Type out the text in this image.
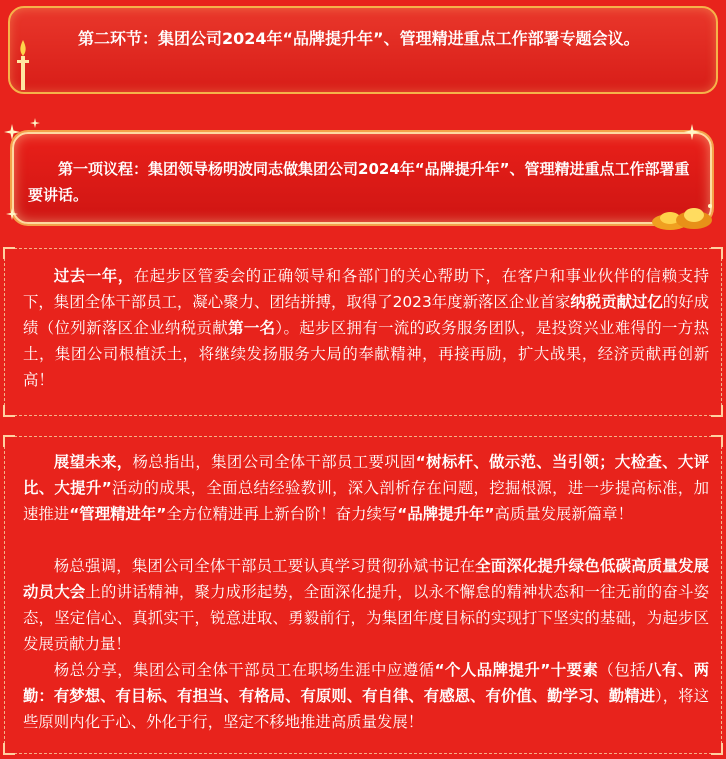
第二环节：集团公司2024年“品牌提升年”、管理精进重点工作部署专题会议。
第一项议程：集团领导杨明波同志做集团公司2024年“品牌提升年”、管理精进重点工作部署重要讲话。

过去一年，在起步区管委会的正确领导和各部门的关心帮助下，在客户和事业伙伴的信赖支持下，集团全体干部员工，凝心聚力、团结拼搏，取得了2023年度新落区企业首家纳税贡献过亿的好成绩（位列新落区企业纳税贡献第一名）。起步区拥有一流的政务服务团队，是投资兴业难得的一方热土，集团公司根植沃土，将继续发扬服务大局的奉献精神，再接再励，扩大战果，经济贡献再创新高！

展望未来，杨总指出，集团公司全体干部员工要巩固“树标杆、做示范、当引领；大检查、大评比、大提升”活动的成果，全面总结经验教训，深入剖析存在问题，挖掘根源，进一步提高标准，加速推进“管理精进年”全方位精进再上新台阶！奋力续写“品牌提升年”高质量发展新篇章！

杨总强调，集团公司全体干部员工要认真学习贯彻孙斌书记在全面深化提升绿色低碳高质量发展动员大会上的讲话精神，聚力成形起势，全面深化提升，以永不懈怠的精神状态和一往无前的奋斗姿态，坚定信心、真抓实干，锐意进取、勇毅前行，为集团年度目标的实现打下坚实的基础，为起步区发展贡献力量！

杨总分享，集团公司全体干部员工在职场生涯中应遵循“个人品牌提升”十要素（包括八有、两勤：有梦想、有目标、有担当、有格局、有原则、有自律、有感恩、有价值、勤学习、勤精进），将这些原则内化于心、外化于行，坚定不移地推进高质量发展！
